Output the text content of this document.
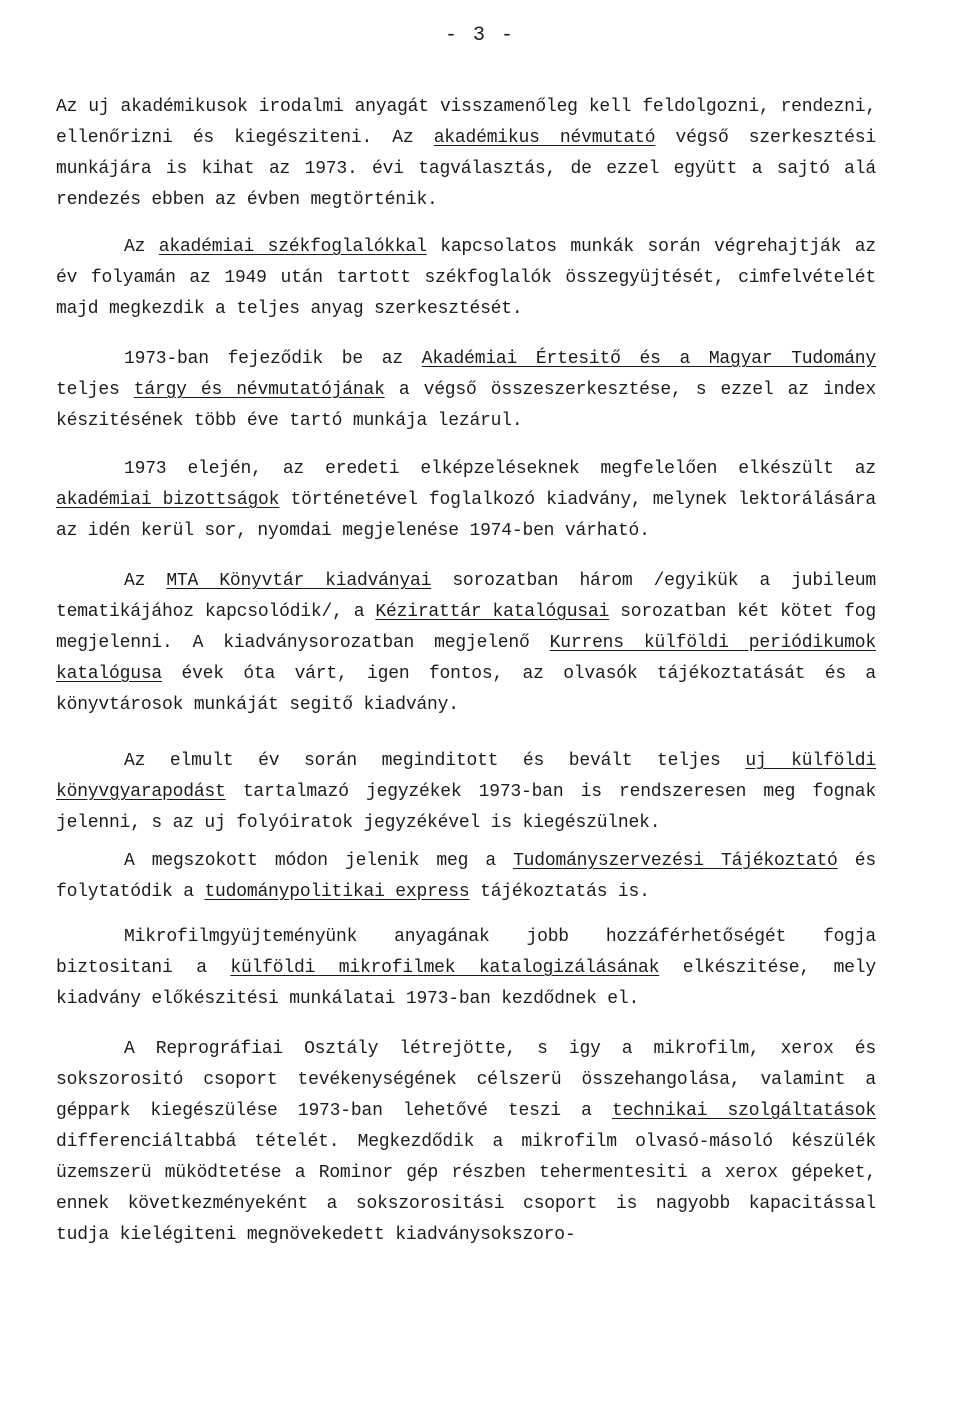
- 3 -

Az uj akadémikusok irodalmi anyagát visszamenőleg kell feldolgozni, rendezni, ellenőrizni és kiegésziteni. Az akadémikus névmutató végső szerkesztési munkájára is kihat az 1973. évi tagválasztás, de ezzel együtt a sajtó alá rendezés ebben az évben megtörténik.

Az akadémiai székfoglalókkal kapcsolatos munkák során végrehajtják az év folyamán az 1949 után tartott székfoglalók összegyüjtését, cimfelvételét majd megkezdik a teljes anyag szerkesztését.

1973-ban fejeződik be az Akadémiai Értesitő és a Magyar Tudomány teljes tárgy és névmutatójának a végső összeszerkesztése, s ezzel az index készitésének több éve tartó munkája lezárul.

1973 elején, az eredeti elképzeléseknek megfelelően elkészült az akadémiai bizottságok történetével foglalkozó kiadvány, melynek lektorálására az idén kerül sor, nyomdai megjelenése 1974-ben várható.

Az MTA Könyvtár kiadványai sorozatban három /egyikük a jubileum tematikájához kapcsolódik/, a Kézirattár katalógusai sorozatban két kötet fog megjelenni. A kiadványsorozatban megjelenő Kurrens külföldi periódikumok katalógusa évek óta várt, igen fontos, az olvasók tájékoztatását és a könyvtárosok munkáját segitő kiadvány.

Az elmult év során meginditott és bevált teljes uj külföldi könyvgyarapodást tartalmazó jegyzékek 1973-ban is rendszeresen meg fognak jelenni, s az uj folyóiratok jegyzékével is kiegészülnek.

A megszokott módon jelenik meg a Tudományszervezési Tájékoztató és folytatódik a tudománypolitikai express tájékoztatás is.

Mikrofilmgyüjteményünk anyagának jobb hozzáférhetőségét fogja biztositani a külföldi mikrofilmek katalogizálásának elkészitése, mely kiadvány előkészitési munkálatai 1973-ban kezdődnek el.

A Reprográfiai Osztály létrejötte, s igy a mikrofilm, xerox és sokszorositó csoport tevékenységének célszerü összehangolása, valamint a géppark kiegészülése 1973-ban lehetővé teszi a technikai szolgáltatások differenciáltabbá tételét. Megkezdődik a mikrofilm olvasó-másoló készülék üzemszerü müködtetése a Rominor gép részben tehermentesiti a xerox gépeket, ennek következményeként a sokszorositási csoport is nagyobb kapacitással tudja kielégiteni megnövekedett kiadványsokszoro-
